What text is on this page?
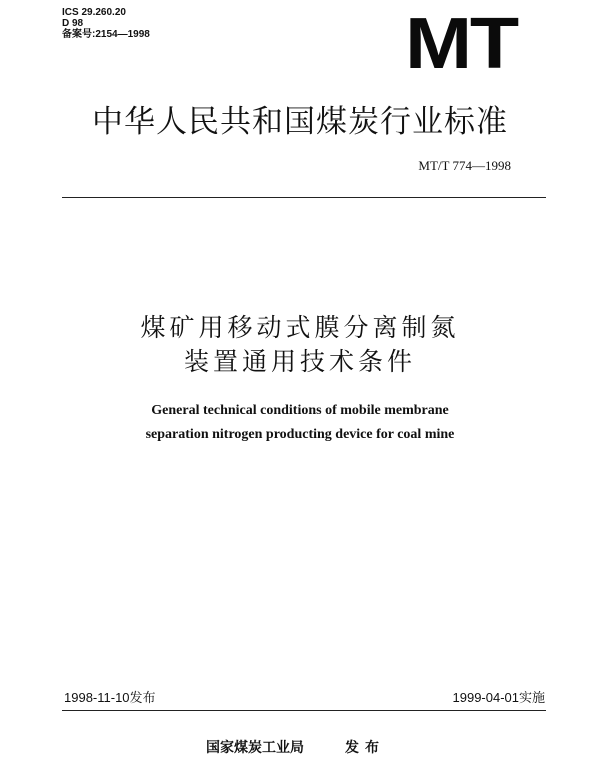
ICS 29.260.20
D 98
备案号:2154—1998	MT
中华人民共和国煤炭行业标准
MT/T 774—1998
煤矿用移动式膜分离制氮
装置通用技术条件
General technical conditions of mobile membrane
separation nitrogen producting device for coal mine
1998-11-10发布	1999-04-01实施
国家煤炭工业局	发布
